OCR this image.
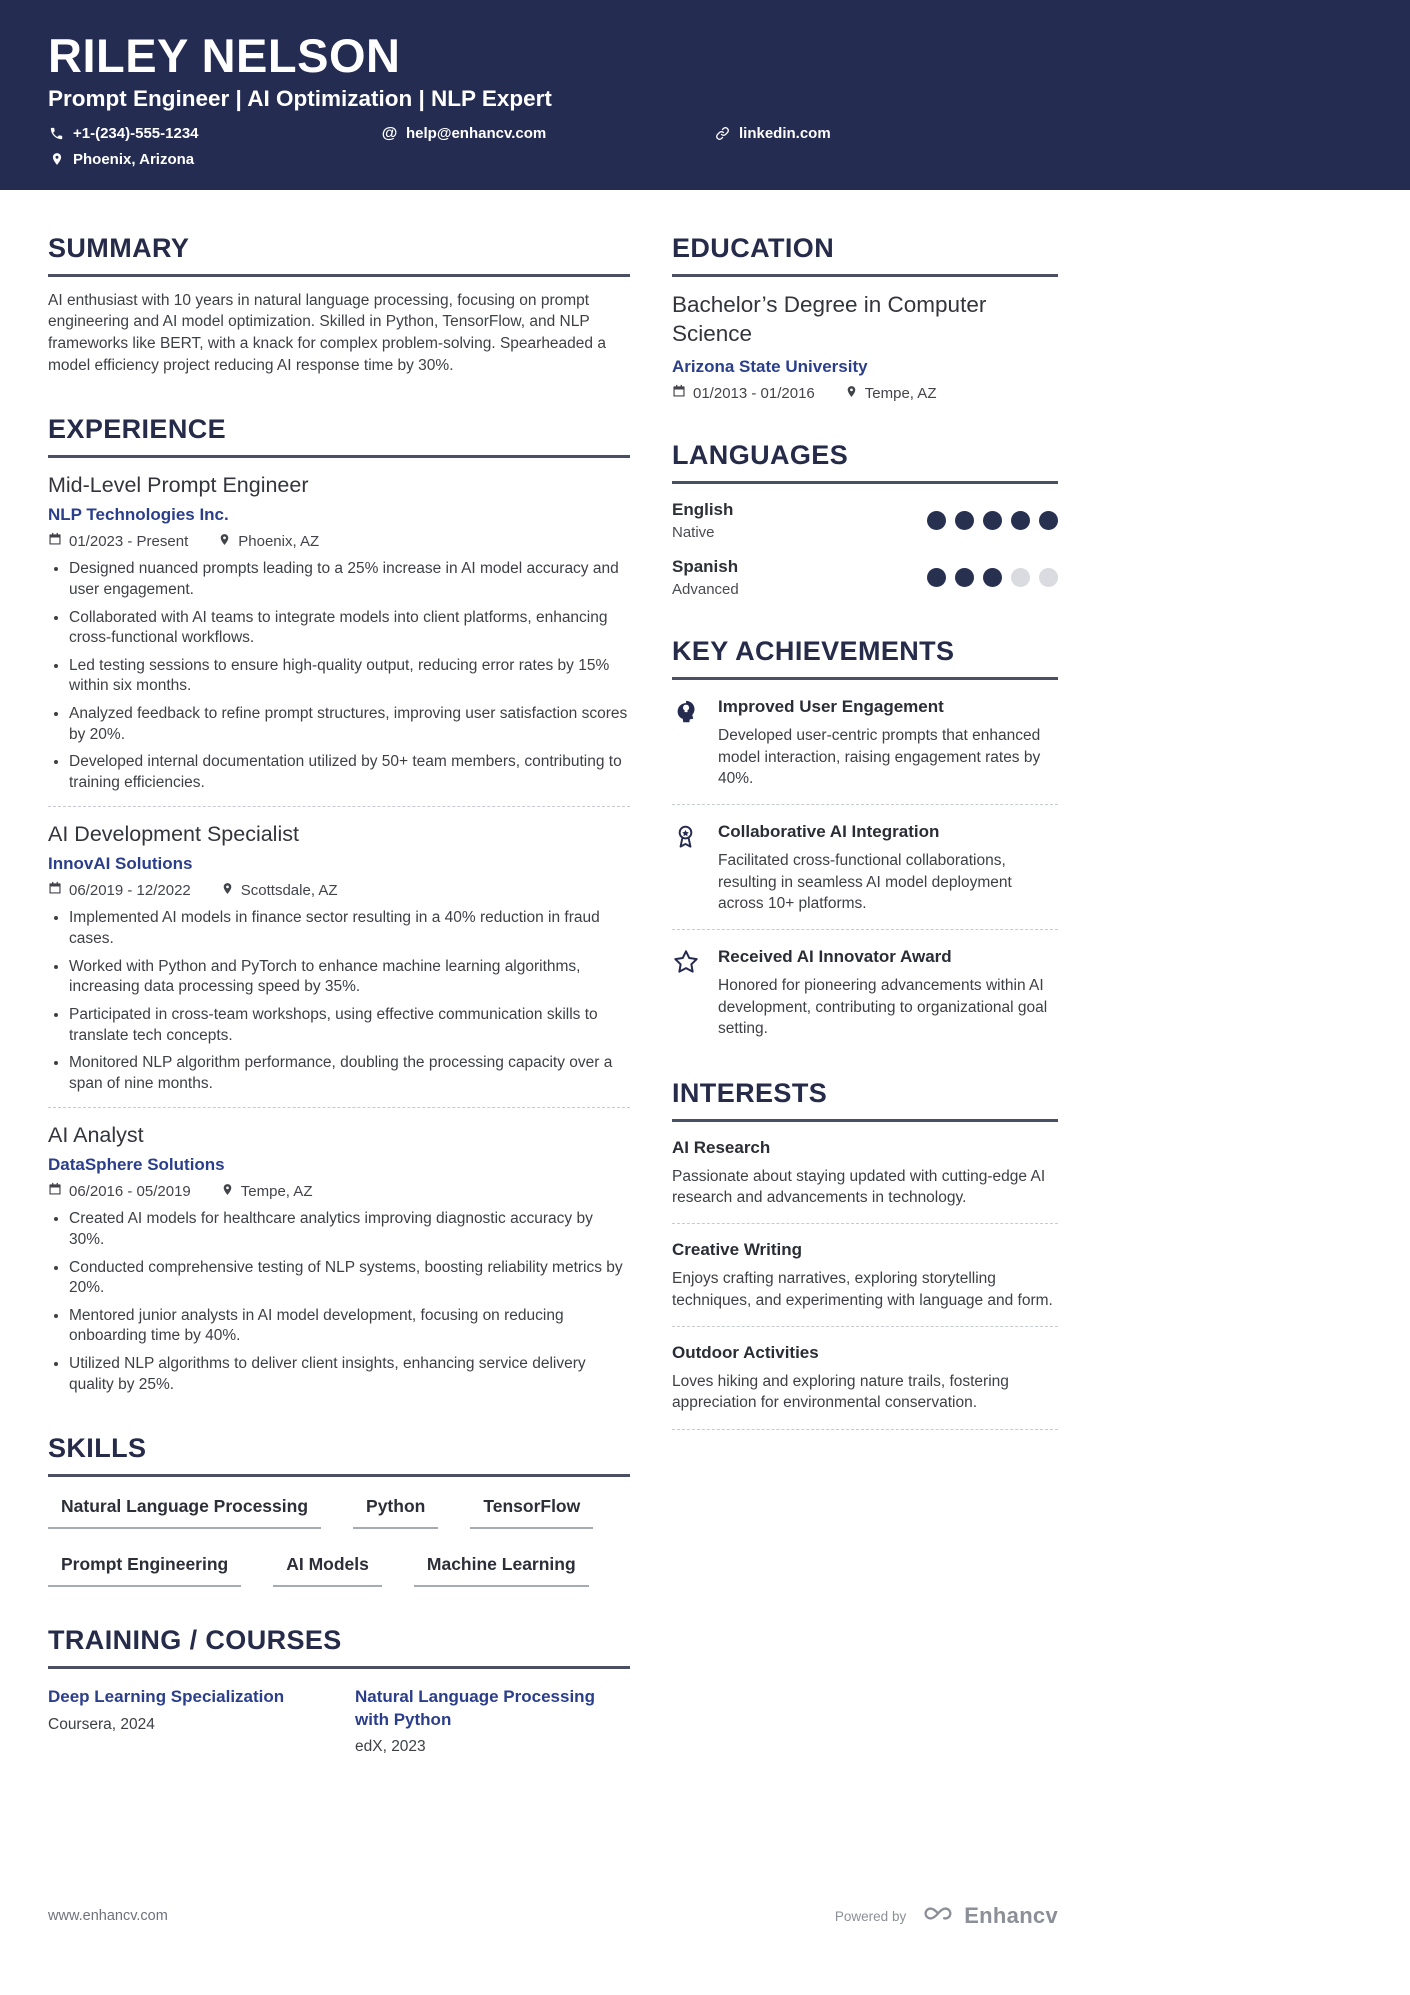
RILEY NELSON
Prompt Engineer | AI Optimization | NLP Expert
+1-(234)-555-1234	@ help@enhancv.com	linkedin.com
Phoenix, Arizona
SUMMARY
AI enthusiast with 10 years in natural language processing, focusing on prompt engineering and AI model optimization. Skilled in Python, TensorFlow, and NLP frameworks like BERT, with a knack for complex problem-solving. Spearheaded a model efficiency project reducing AI response time by 30%.
EXPERIENCE
Mid-Level Prompt Engineer
NLP Technologies Inc.
01/2023 - Present	Phoenix, AZ
• Designed nuanced prompts leading to a 25% increase in AI model accuracy and user engagement.
• Collaborated with AI teams to integrate models into client platforms, enhancing cross-functional workflows.
• Led testing sessions to ensure high-quality output, reducing error rates by 15% within six months.
• Analyzed feedback to refine prompt structures, improving user satisfaction scores by 20%.
• Developed internal documentation utilized by 50+ team members, contributing to training efficiencies.
AI Development Specialist
InnovAI Solutions
06/2019 - 12/2022	Scottsdale, AZ
• Implemented AI models in finance sector resulting in a 40% reduction in fraud cases.
• Worked with Python and PyTorch to enhance machine learning algorithms, increasing data processing speed by 35%.
• Participated in cross-team workshops, using effective communication skills to translate tech concepts.
• Monitored NLP algorithm performance, doubling the processing capacity over a span of nine months.
AI Analyst
DataSphere Solutions
06/2016 - 05/2019	Tempe, AZ
• Created AI models for healthcare analytics improving diagnostic accuracy by 30%.
• Conducted comprehensive testing of NLP systems, boosting reliability metrics by 20%.
• Mentored junior analysts in AI model development, focusing on reducing onboarding time by 40%.
• Utilized NLP algorithms to deliver client insights, enhancing service delivery quality by 25%.
SKILLS
Natural Language Processing	Python	TensorFlow
Prompt Engineering	AI Models	Machine Learning
TRAINING / COURSES
Deep Learning Specialization
Coursera, 2024
Natural Language Processing with Python
edX, 2023
EDUCATION
Bachelor’s Degree in Computer Science
Arizona State University
01/2013 - 01/2016	Tempe, AZ
LANGUAGES
English
Native
Spanish
Advanced
KEY ACHIEVEMENTS
Improved User Engagement
Developed user-centric prompts that enhanced model interaction, raising engagement rates by 40%.
Collaborative AI Integration
Facilitated cross-functional collaborations, resulting in seamless AI model deployment across 10+ platforms.
Received AI Innovator Award
Honored for pioneering advancements within AI development, contributing to organizational goal setting.
INTERESTS
AI Research
Passionate about staying updated with cutting-edge AI research and advancements in technology.
Creative Writing
Enjoys crafting narratives, exploring storytelling techniques, and experimenting with language and form.
Outdoor Activities
Loves hiking and exploring nature trails, fostering appreciation for environmental conservation.
www.enhancv.com	Powered by	Enhancv
